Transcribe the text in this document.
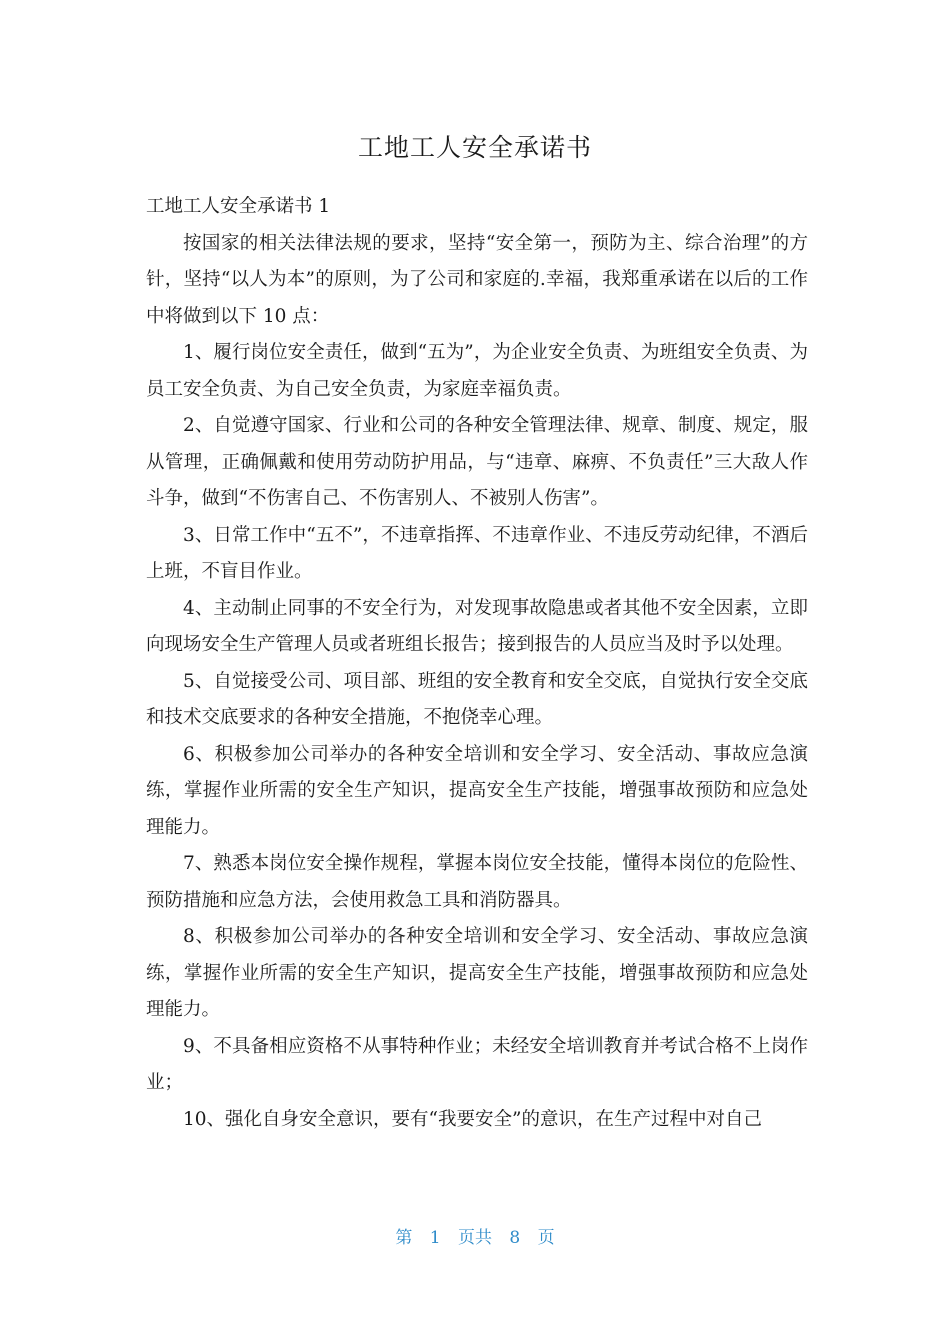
工地工人安全承诺书

工地工人安全承诺书 1

按国家的相关法律法规的要求，坚持“安全第一，预防为主、综合治理”的方针，坚持“以人为本”的原则，为了公司和家庭的.幸福，我郑重承诺在以后的工作中将做到以下 10 点：

1、履行岗位安全责任，做到“五为”，为企业安全负责、为班组安全负责、为员工安全负责、为自己安全负责，为家庭幸福负责。

2、自觉遵守国家、行业和公司的各种安全管理法律、规章、制度、规定，服从管理，正确佩戴和使用劳动防护用品，与“违章、麻痹、不负责任”三大敌人作斗争，做到“不伤害自己、不伤害别人、不被别人伤害”。

3、日常工作中“五不”，不违章指挥、不违章作业、不违反劳动纪律，不酒后上班，不盲目作业。

4、主动制止同事的不安全行为，对发现事故隐患或者其他不安全因素，立即向现场安全生产管理人员或者班组长报告；接到报告的人员应当及时予以处理。

5、自觉接受公司、项目部、班组的安全教育和安全交底，自觉执行安全交底和技术交底要求的各种安全措施，不抱侥幸心理。

6、积极参加公司举办的各种安全培训和安全学习、安全活动、事故应急演练，掌握作业所需的安全生产知识，提高安全生产技能，增强事故预防和应急处理能力。

7、熟悉本岗位安全操作规程，掌握本岗位安全技能，懂得本岗位的危险性、预防措施和应急方法，会使用救急工具和消防器具。

8、积极参加公司举办的各种安全培训和安全学习、安全活动、事故应急演练，掌握作业所需的安全生产知识，提高安全生产技能，增强事故预防和应急处理能力。

9、不具备相应资格不从事特种作业；未经安全培训教育并考试合格不上岗作业；

10、强化自身安全意识，要有“我要安全”的意识，在生产过程中对自己

第 1 页共 8 页
